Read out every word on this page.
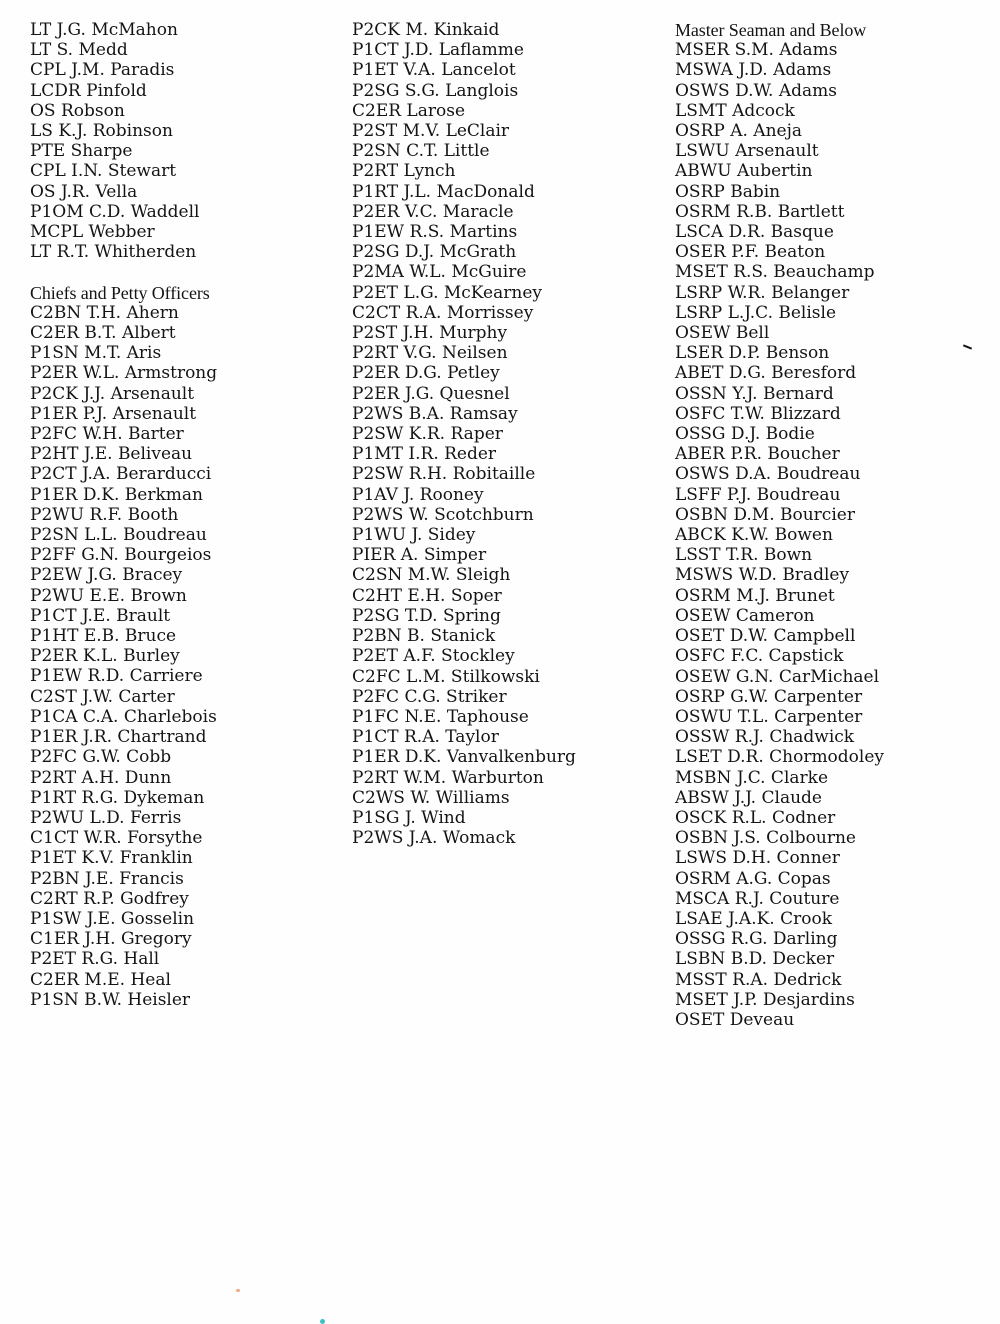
LT J.G. McMahon
LT S. Medd
CPL J.M. Paradis
LCDR Pinfold
OS Robson
LS K.J. Robinson
PTE Sharpe
CPL I.N. Stewart
OS J.R. Vella
P1OM C.D. Waddell
MCPL Webber
LT R.T. Whitherden
Chiefs and Petty Officers
C2BN T.H. Ahern
C2ER B.T. Albert
P1SN M.T. Aris
P2ER W.L. Armstrong
P2CK J.J. Arsenault
P1ER P.J. Arsenault
P2FC W.H. Barter
P2HT J.E. Beliveau
P2CT J.A. Berarducci
P1ER D.K. Berkman
P2WU R.F. Booth
P2SN L.L. Boudreau
P2FF G.N. Bourgeios
P2EW J.G. Bracey
P2WU E.E. Brown
P1CT J.E. Brault
P1HT E.B. Bruce
P2ER K.L. Burley
P1EW R.D. Carriere
C2ST J.W. Carter
P1CA C.A. Charlebois
P1ER J.R. Chartrand
P2FC G.W. Cobb
P2RT A.H. Dunn
P1RT R.G. Dykeman
P2WU L.D. Ferris
C1CT W.R. Forsythe
P1ET K.V. Franklin
P2BN J.E. Francis
C2RT R.P. Godfrey
P1SW J.E. Gosselin
C1ER J.H. Gregory
P2ET R.G. Hall
C2ER M.E. Heal
P1SN B.W. Heisler
P2CK M. Kinkaid
P1CT J.D. Laflamme
P1ET V.A. Lancelot
P2SG S.G. Langlois
C2ER Larose
P2ST M.V. LeClair
P2SN C.T. Little
P2RT Lynch
P1RT J.L. MacDonald
P2ER V.C. Maracle
P1EW R.S. Martins
P2SG D.J. McGrath
P2MA W.L. McGuire
P2ET L.G. McKearney
C2CT R.A. Morrissey
P2ST J.H. Murphy
P2RT V.G. Neilsen
P2ER D.G. Petley
P2ER J.G. Quesnel
P2WS B.A. Ramsay
P2SW K.R. Raper
P1MT I.R. Reder
P2SW R.H. Robitaille
P1AV J. Rooney
P2WS W. Scotchburn
P1WU J. Sidey
PIER A. Simper
C2SN M.W. Sleigh
C2HT E.H. Soper
P2SG T.D. Spring
P2BN B. Stanick
P2ET A.F. Stockley
C2FC L.M. Stilkowski
P2FC C.G. Striker
P1FC N.E. Taphouse
P1CT R.A. Taylor
P1ER D.K. Vanvalkenburg
P2RT W.M. Warburton
C2WS W. Williams
P1SG J. Wind
P2WS J.A. Womack
Master Seaman and Below
MSER S.M. Adams
MSWA J.D. Adams
OSWS D.W. Adams
LSMT Adcock
OSRP A. Aneja
LSWU Arsenault
ABWU Aubertin
OSRP Babin
OSRM R.B. Bartlett
LSCA D.R. Basque
OSER P.F. Beaton
MSET R.S. Beauchamp
LSRP W.R. Belanger
LSRP L.J.C. Belisle
OSEW Bell
LSER D.P. Benson
ABET D.G. Beresford
OSSN Y.J. Bernard
OSFC T.W. Blizzard
OSSG D.J. Bodie
ABER P.R. Boucher
OSWS D.A. Boudreau
LSFF P.J. Boudreau
OSBN D.M. Bourcier
ABCK K.W. Bowen
LSST T.R. Bown
MSWS W.D. Bradley
OSRM M.J. Brunet
OSEW Cameron
OSET D.W. Campbell
OSFC F.C. Capstick
OSEW G.N. CarMichael
OSRP G.W. Carpenter
OSWU T.L. Carpenter
OSSW R.J. Chadwick
LSET D.R. Chormodoley
MSBN J.C. Clarke
ABSW J.J. Claude
OSCK R.L. Codner
OSBN J.S. Colbourne
LSWS D.H. Conner
OSRM A.G. Copas
MSCA R.J. Couture
LSAE J.A.K. Crook
OSSG R.G. Darling
LSBN B.D. Decker
MSST R.A. Dedrick
MSET J.P. Desjardins
OSET Deveau
